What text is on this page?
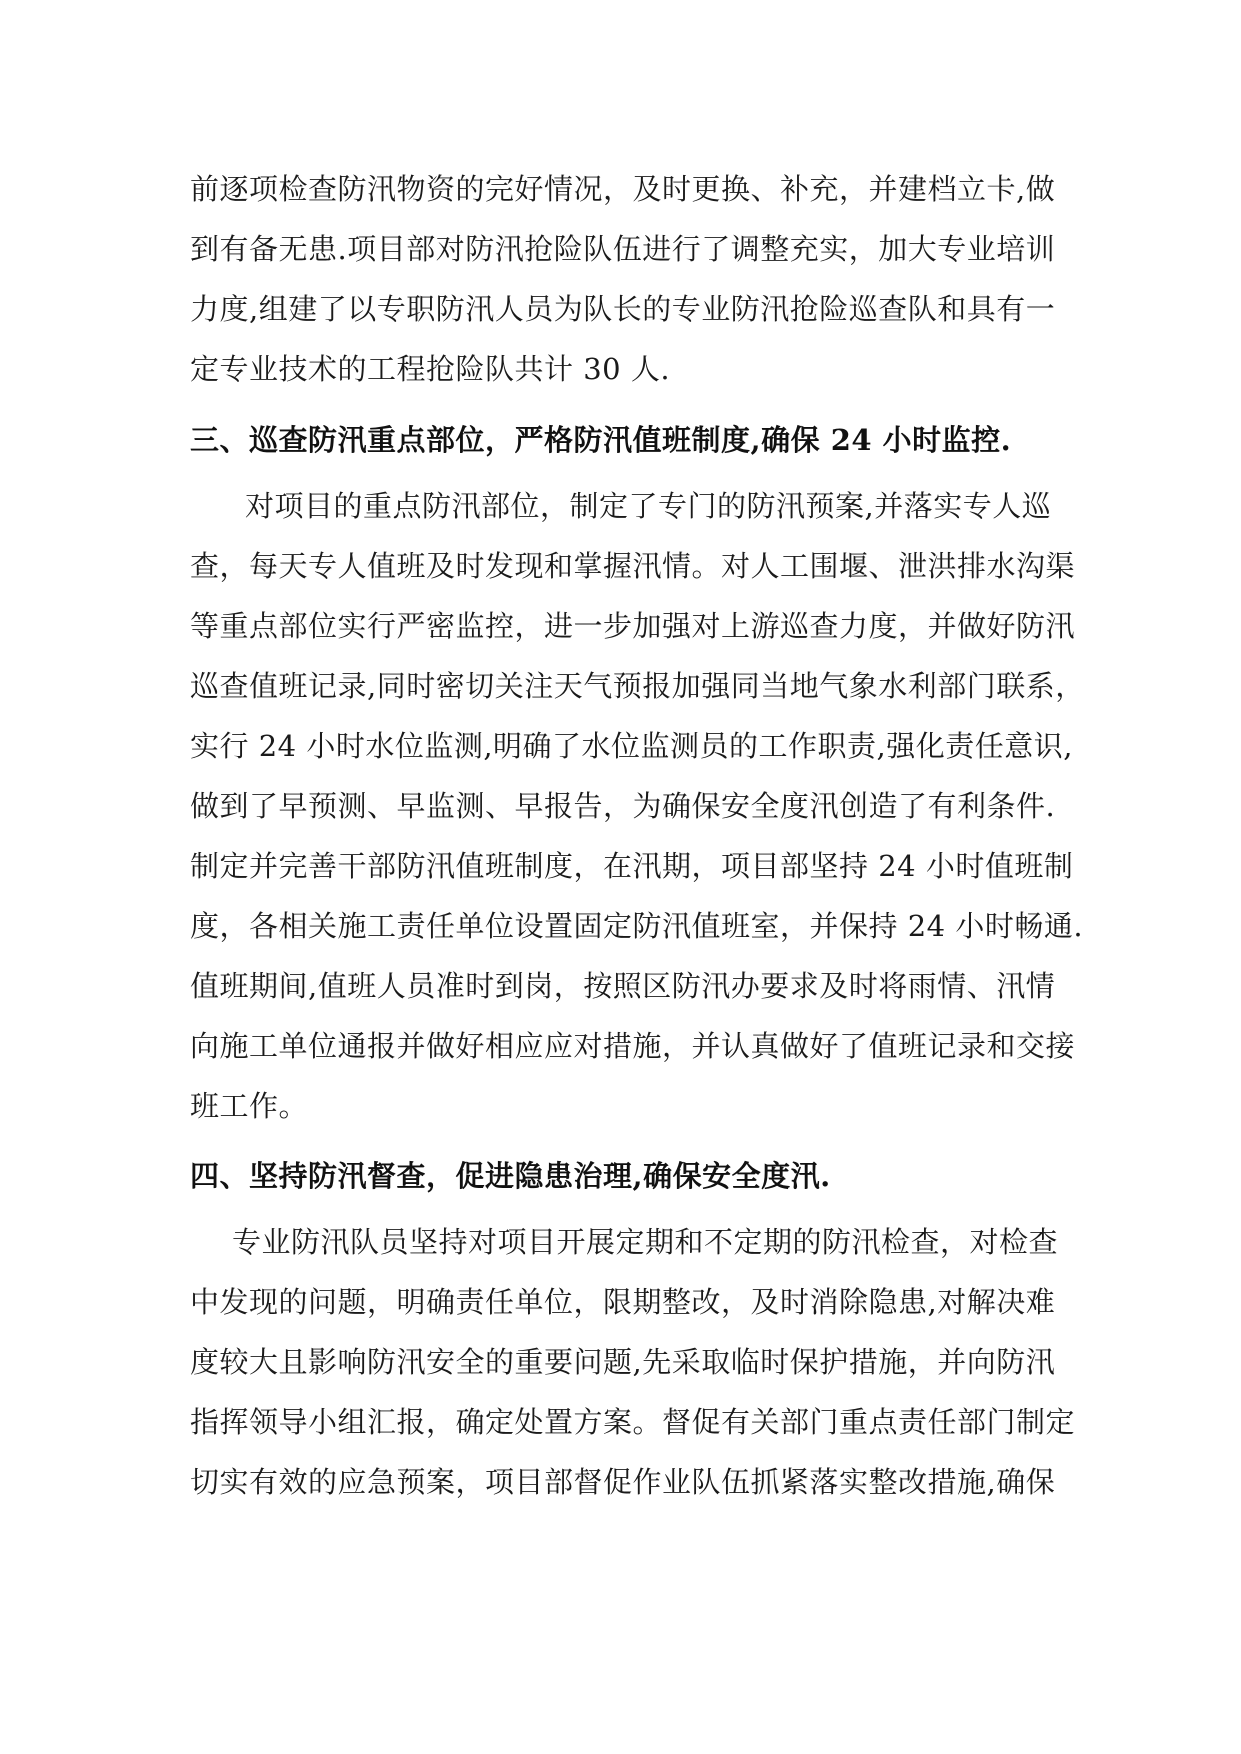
前逐项检查防汛物资的完好情况，及时更换、补充，并建档立卡,做
到有备无患.项目部对防汛抢险队伍进行了调整充实，加大专业培训
力度,组建了以专职防汛人员为队长的专业防汛抢险巡查队和具有一
定专业技术的工程抢险队共计 30 人.
三、巡查防汛重点部位，严格防汛值班制度,确保 24 小时监控.
对项目的重点防汛部位，制定了专门的防汛预案,并落实专人巡
查，每天专人值班及时发现和掌握汛情。对人工围堰、泄洪排水沟渠
等重点部位实行严密监控，进一步加强对上游巡查力度，并做好防汛
巡查值班记录,同时密切关注天气预报加强同当地气象水利部门联系，
实行 24 小时水位监测,明确了水位监测员的工作职责,强化责任意识,
做到了早预测、早监测、早报告，为确保安全度汛创造了有利条件.
制定并完善干部防汛值班制度，在汛期，项目部坚持 24 小时值班制
度，各相关施工责任单位设置固定防汛值班室，并保持 24 小时畅通.
值班期间,值班人员准时到岗，按照区防汛办要求及时将雨情、汛情
向施工单位通报并做好相应应对措施，并认真做好了值班记录和交接
班工作。
四、坚持防汛督查，促进隐患治理,确保安全度汛.
专业防汛队员坚持对项目开展定期和不定期的防汛检查，对检查
中发现的问题，明确责任单位，限期整改，及时消除隐患,对解决难
度较大且影响防汛安全的重要问题,先采取临时保护措施，并向防汛
指挥领导小组汇报，确定处置方案。督促有关部门重点责任部门制定
切实有效的应急预案，项目部督促作业队伍抓紧落实整改措施,确保
